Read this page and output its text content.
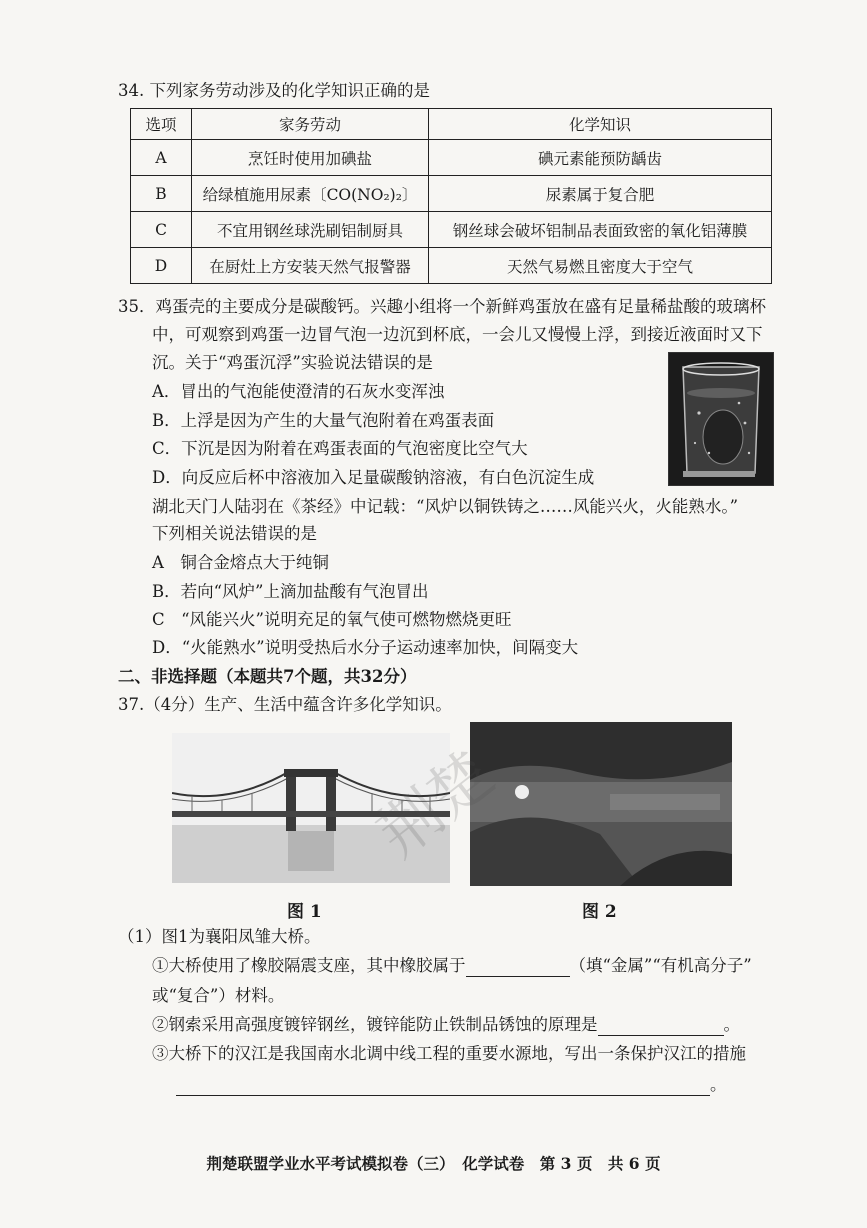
34. 下列家务劳动涉及的化学知识正确的是
选项	家务劳动	化学知识
A	烹饪时使用加碘盐	碘元素能预防龋齿
B	给绿植施用尿素〔CO(NO₂)₂〕	尿素属于复合肥
C	不宜用钢丝球洗刷铝制厨具	钢丝球会破坏铝制品表面致密的氧化铝薄膜
D	在厨灶上方安装天然气报警器	天然气易燃且密度大于空气
35．鸡蛋壳的主要成分是碳酸钙。兴趣小组将一个新鲜鸡蛋放在盛有足量稀盐酸的玻璃杯
中，可观察到鸡蛋一边冒气泡一边沉到杯底，一会儿又慢慢上浮，到接近液面时又下
沉。关于“鸡蛋沉浮”实验说法错误的是
A．冒出的气泡能使澄清的石灰水变浑浊
B．上浮是因为产生的大量气泡附着在鸡蛋表面
C．下沉是因为附着在鸡蛋表面的气泡密度比空气大
D．向反应后杯中溶液加入足量碳酸钠溶液，有白色沉淀生成
湖北天门人陆羽在《茶经》中记载：“风炉以铜铁铸之……风能兴火，火能熟水。”
下列相关说法错误的是
A　铜合金熔点大于纯铜
B．若向“风炉”上滴加盐酸有气泡冒出
C　“风能兴火”说明充足的氧气使可燃物燃烧更旺
D．“火能熟水”说明受热后水分子运动速率加快，间隔变大
二、非选择题（本题共7个题，共32分）
37.（4分）生产、生活中蕴含许多化学知识。
图 1	图 2
（1）图1为襄阳凤雏大桥。
①大桥使用了橡胶隔震支座，其中橡胶属于	（填“金属”“有机高分子”
或“复合”）材料。
②钢索采用高强度镀锌钢丝，镀锌能防止铁制品锈蚀的原理是	。
③大桥下的汉江是我国南水北调中线工程的重要水源地，写出一条保护汉江的措施
。
荆楚联盟学业水平考试模拟卷（三）　化学试卷　第 3 页　共 6 页
荆楚
